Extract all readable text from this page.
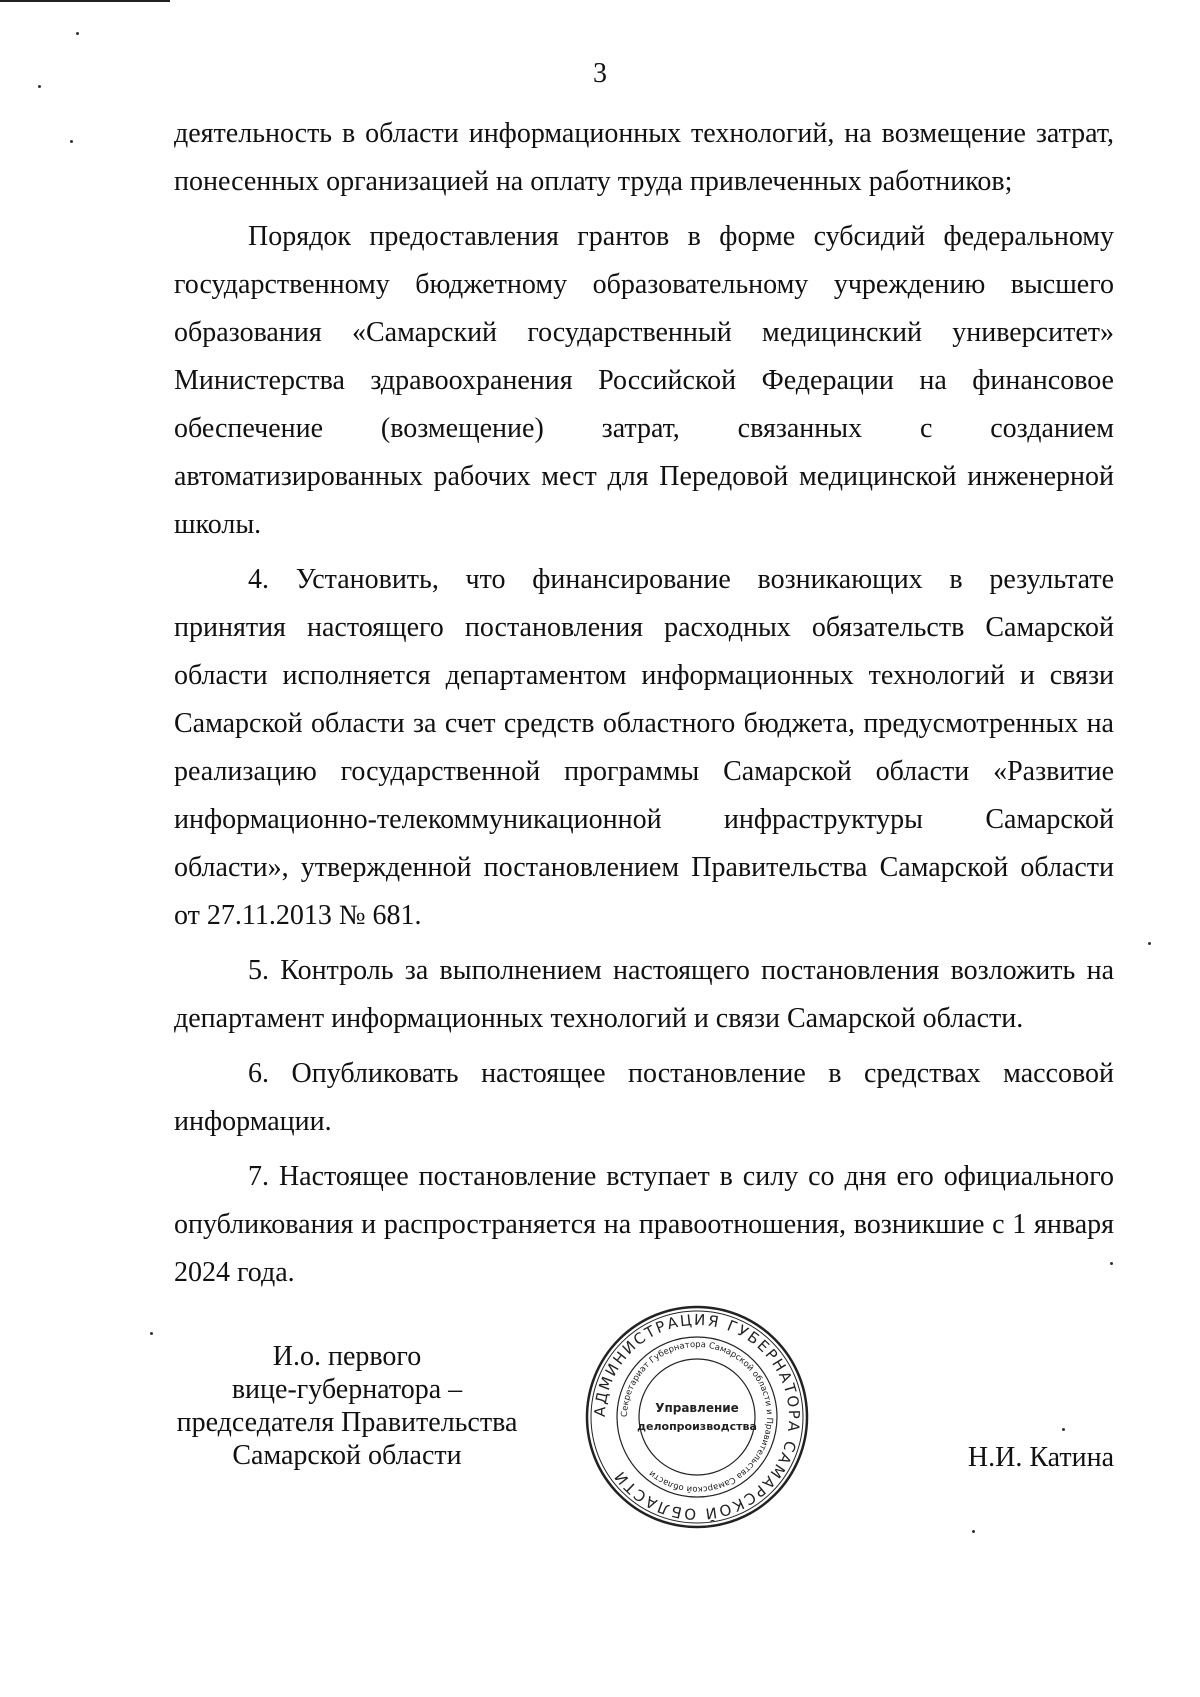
3

деятельность в области информационных технологий, на возмещение затрат, понесенных организацией на оплату труда привлеченных работников;

Порядок предоставления грантов в форме субсидий федеральному государственному бюджетному образовательному учреждению высшего образования «Самарский государственный медицинский университет» Министерства здравоохранения Российской Федерации на финансовое обеспечение (возмещение) затрат, связанных с созданием автоматизированных рабочих мест для Передовой медицинской инженерной школы.

4. Установить, что финансирование возникающих в результате принятия настоящего постановления расходных обязательств Самарской области исполняется департаментом информационных технологий и связи Самарской области за счет средств областного бюджета, предусмотренных на реализацию государственной программы Самарской области «Развитие информационно-телекоммуникационной инфраструктуры Самарской области», утвержденной постановлением Правительства Самарской области от 27.11.2013 № 681.

5. Контроль за выполнением настоящего постановления возложить на департамент информационных технологий и связи Самарской области.

6. Опубликовать настоящее постановление в средствах массовой информации.

7. Настоящее постановление вступает в силу со дня его официального опубликования и распространяется на правоотношения, возникшие с 1 января 2024 года.

И.о. первого
вице-губернатора –
председателя Правительства
Самарской области
АДМИНИСТРАЦИЯ ГУБЕРНАТОРА САМАРСКОЙ ОБЛАСТИ
Секретариат Губернатора Самарской области и Правительства Самарской области
Управление
делопроизводства
Н.И. Катина
